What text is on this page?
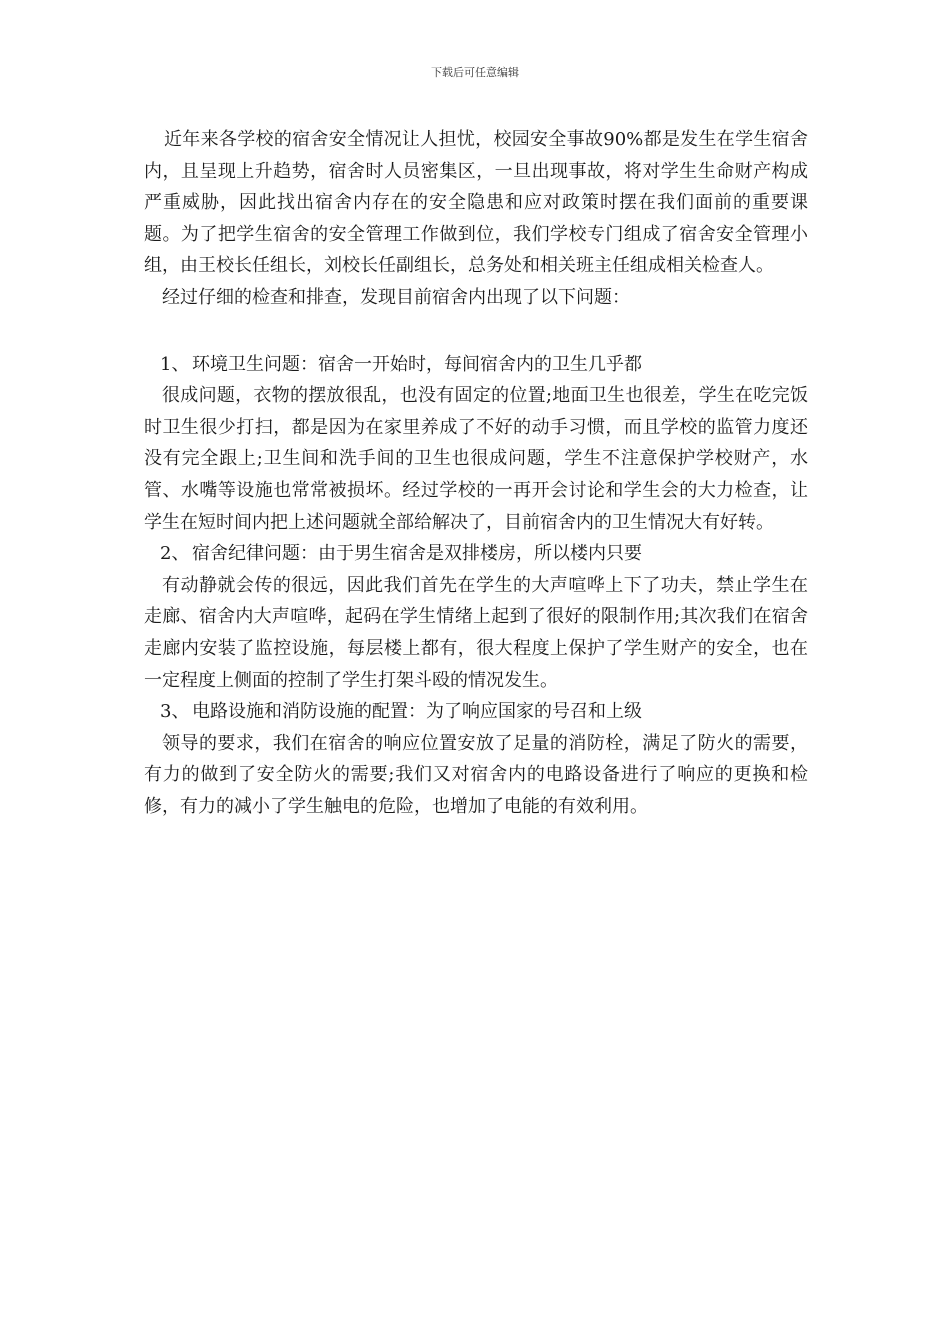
下载后可任意编辑

近年来各学校的宿舍安全情况让人担忧，校园安全事故90%都是发生在学生宿舍内，且呈现上升趋势，宿舍时人员密集区，一旦出现事故，将对学生生命财产构成严重威胁，因此找出宿舍内存在的安全隐患和应对政策时摆在我们面前的重要课题。为了把学生宿舍的安全管理工作做到位，我们学校专门组成了宿舍安全管理小组，由王校长任组长，刘校长任副组长，总务处和相关班主任组成相关检查人。

经过仔细的检查和排查，发现目前宿舍内出现了以下问题：

1、 环境卫生问题：宿舍一开始时，每间宿舍内的卫生几乎都

很成问题，衣物的摆放很乱，也没有固定的位置;地面卫生也很差，学生在吃完饭时卫生很少打扫，都是因为在家里养成了不好的动手习惯，而且学校的监管力度还没有完全跟上;卫生间和洗手间的卫生也很成问题，学生不注意保护学校财产，水管、水嘴等设施也常常被损坏。经过学校的一再开会讨论和学生会的大力检查，让学生在短时间内把上述问题就全部给解决了，目前宿舍内的卫生情况大有好转。

2、 宿舍纪律问题：由于男生宿舍是双排楼房，所以楼内只要

有动静就会传的很远，因此我们首先在学生的大声喧哗上下了功夫，禁止学生在走廊、宿舍内大声喧哗，起码在学生情绪上起到了很好的限制作用;其次我们在宿舍走廊内安装了监控设施，每层楼上都有，很大程度上保护了学生财产的安全，也在一定程度上侧面的控制了学生打架斗殴的情况发生。

3、 电路设施和消防设施的配置：为了响应国家的号召和上级

领导的要求，我们在宿舍的响应位置安放了足量的消防栓，满足了防火的需要，有力的做到了安全防火的需要;我们又对宿舍内的电路设备进行了响应的更换和检修，有力的减小了学生触电的危险，也增加了电能的有效利用。
